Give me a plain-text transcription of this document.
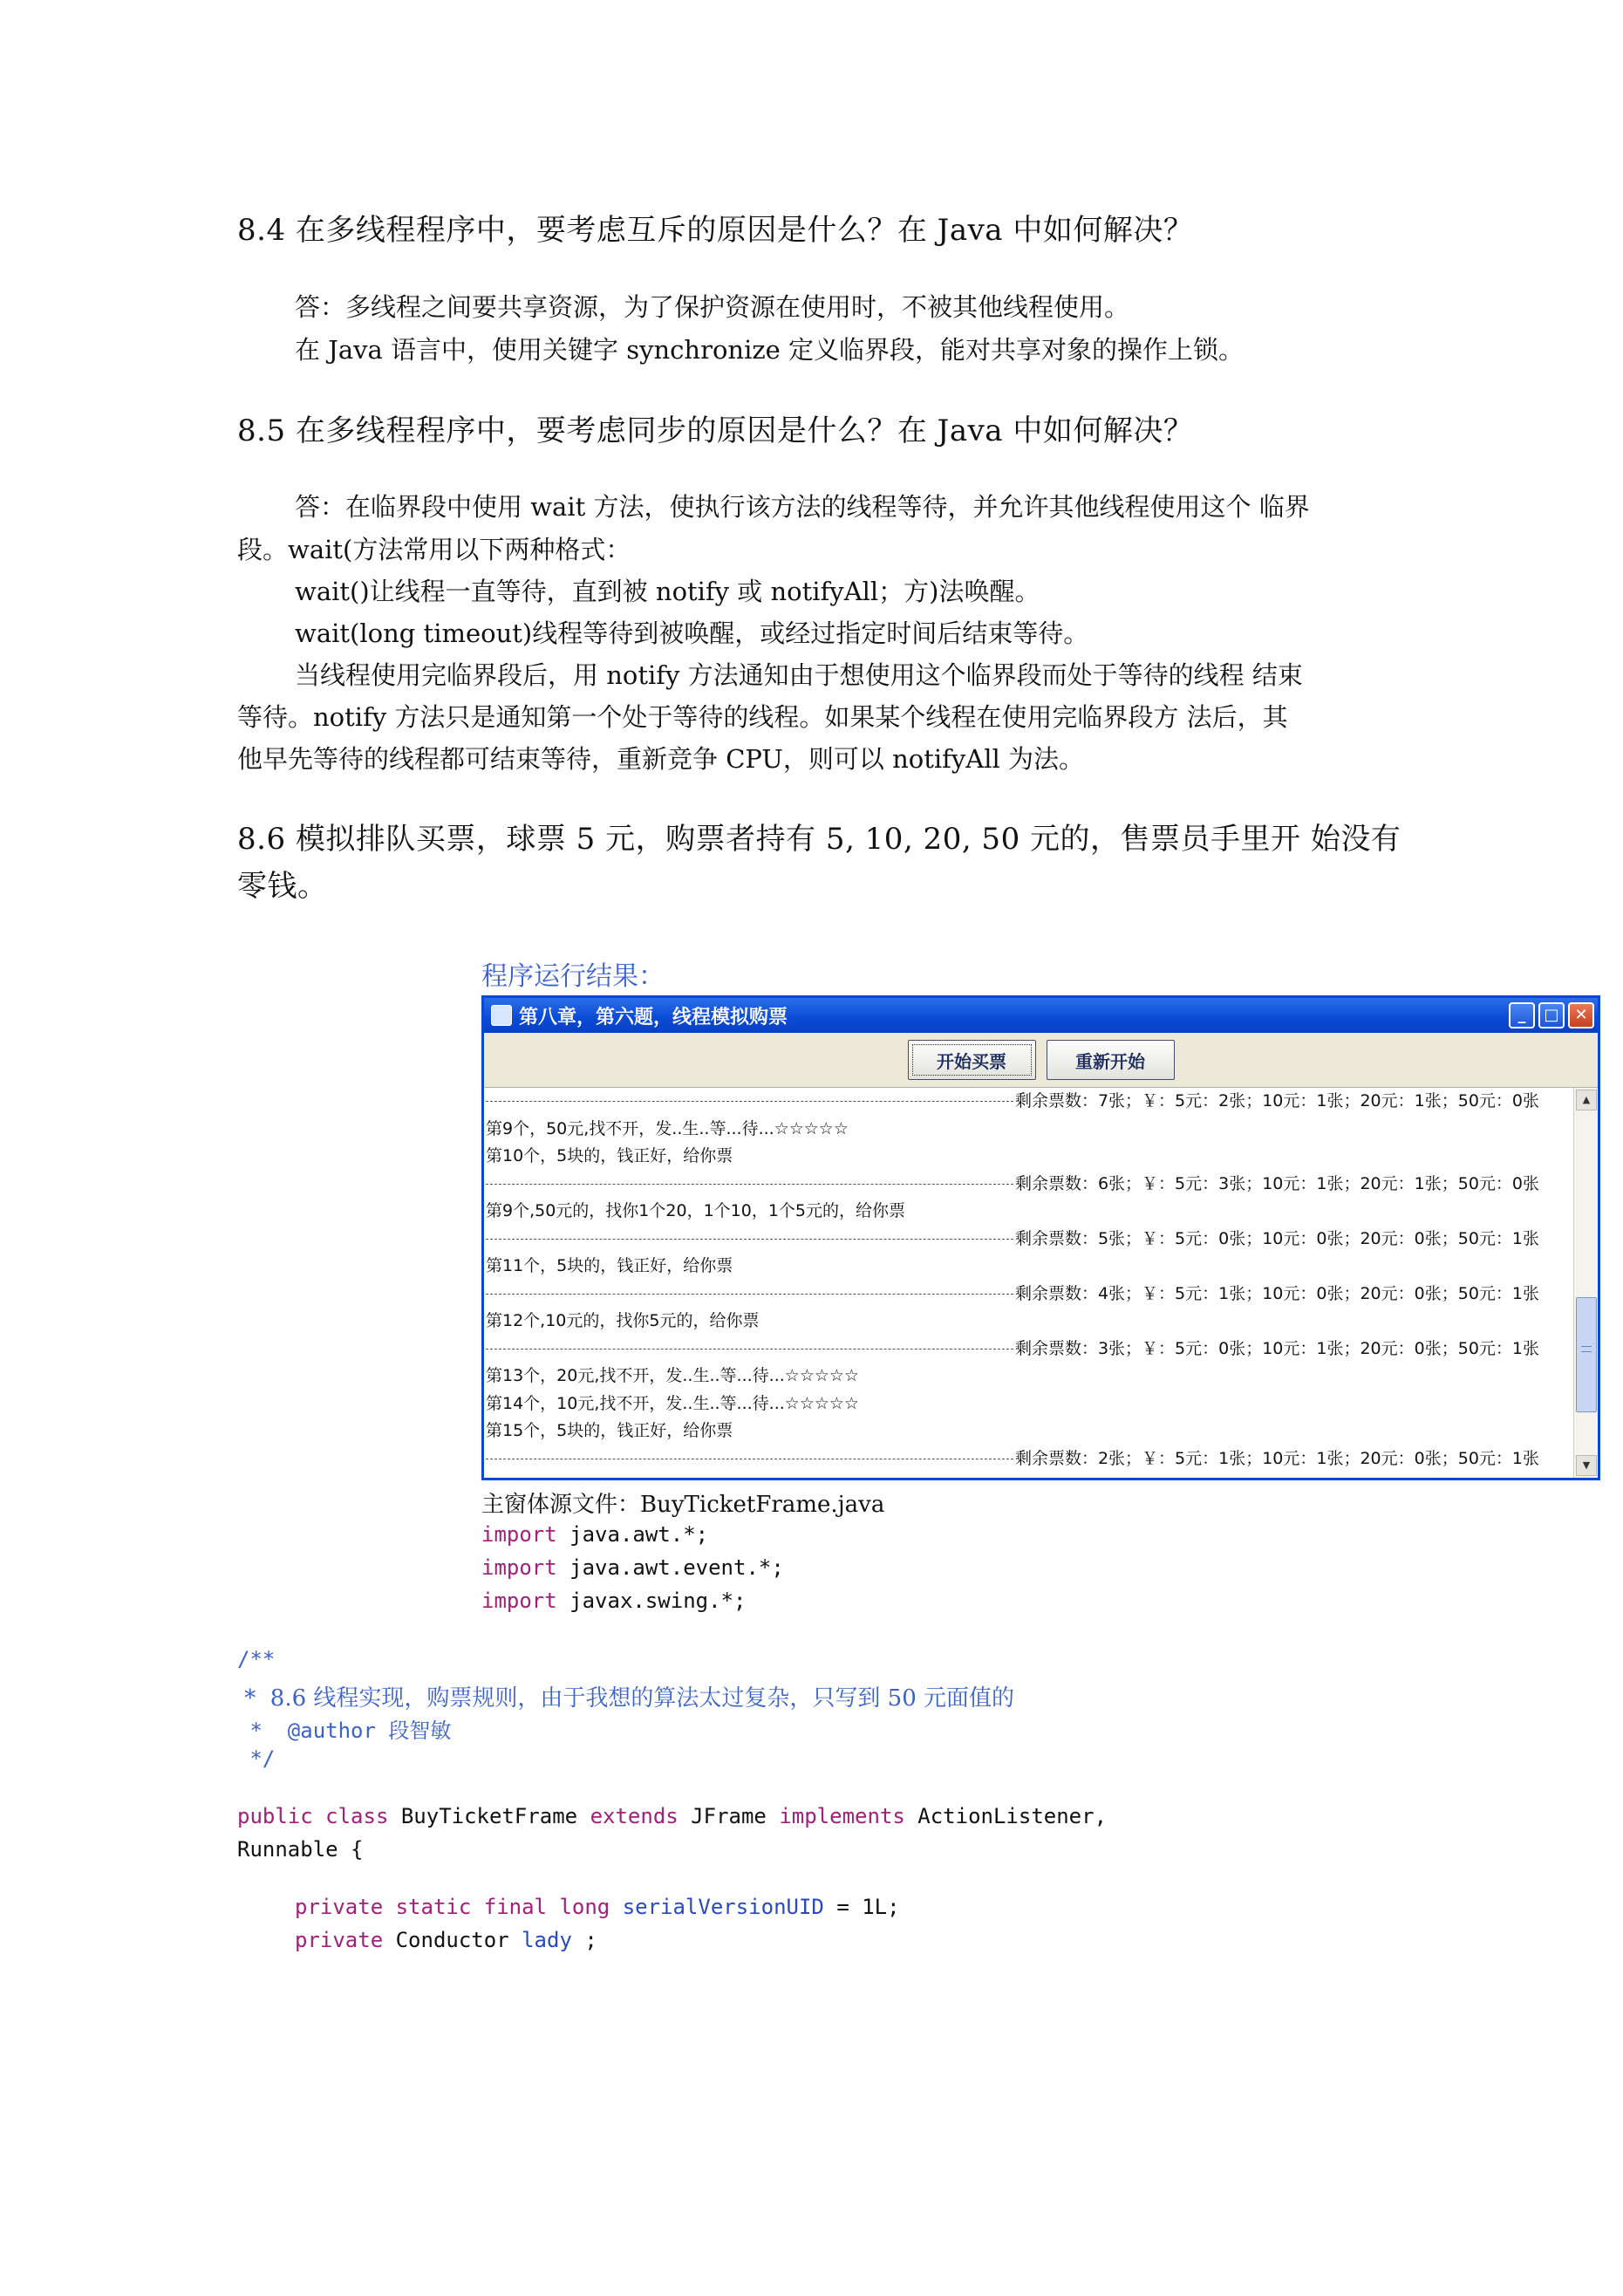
8.4 在多线程程序中，要考虑互斥的原因是什么？在 Java 中如何解决？
答：多线程之间要共享资源，为了保护资源在使用时，不被其他线程使用。
在 Java 语言中，使用关键字 synchronize 定义临界段，能对共享对象的操作上锁。
8.5 在多线程程序中，要考虑同步的原因是什么？在 Java 中如何解决？
答：在临界段中使用 wait 方法，使执行该方法的线程等待，并允许其他线程使用这个 临界
段。wait(方法常用以下两种格式：
wait()让线程一直等待，直到被 notify 或 notifyAll；方)法唤醒。
wait(long timeout)线程等待到被唤醒，或经过指定时间后结束等待。
当线程使用完临界段后，用 notify 方法通知由于想使用这个临界段而处于等待的线程 结束
等待。notify 方法只是通知第一个处于等待的线程。如果某个线程在使用完临界段方 法后，其
他早先等待的线程都可结束等待，重新竞争 CPU，则可以 notifyAll 为法。
8.6 模拟排队买票，球票 5 元，购票者持有 5, 10, 20, 50 元的，售票员手里开 始没有
零钱。
程序运行结果：
第八章，第六题，线程模拟购票	_	□ ✕
开始买票	重新开始
剩余票数：7张；￥：5元：2张；10元：1张；20元：1张；50元：0张
第9个，50元,找不开，发..生..等...待...☆☆☆☆☆
第10个，5块的，钱正好，给你票
剩余票数：6张；￥：5元：3张；10元：1张；20元：1张；50元：0张
第9个,50元的，找你1个20，1个10，1个5元的，给你票
剩余票数：5张；￥：5元：0张；10元：0张；20元：0张；50元：1张
第11个，5块的，钱正好，给你票
剩余票数：4张；￥：5元：1张；10元：0张；20元：0张；50元：1张
第12个,10元的，找你5元的，给你票
剩余票数：3张；￥：5元：0张；10元：1张；20元：0张；50元：1张
第13个，20元,找不开，发..生..等...待...☆☆☆☆☆
第14个，10元,找不开，发..生..等...待...☆☆☆☆☆
第15个，5块的，钱正好，给你票
剩余票数：2张；￥：5元：1张；10元：1张；20元：0张；50元：1张
▲
▼
主窗体源文件：BuyTicketFrame.java
import java.awt.*;
import java.awt.event.*;
import javax.swing.*;
/**
*  8.6 线程实现，购票规则，由于我想的算法太过复杂，只写到 50 元面值的
*  @author 段智敏
*/
public class BuyTicketFrame extends JFrame implements ActionListener,
Runnable {
private static final long serialVersionUID = 1L;
private Conductor lady ;
